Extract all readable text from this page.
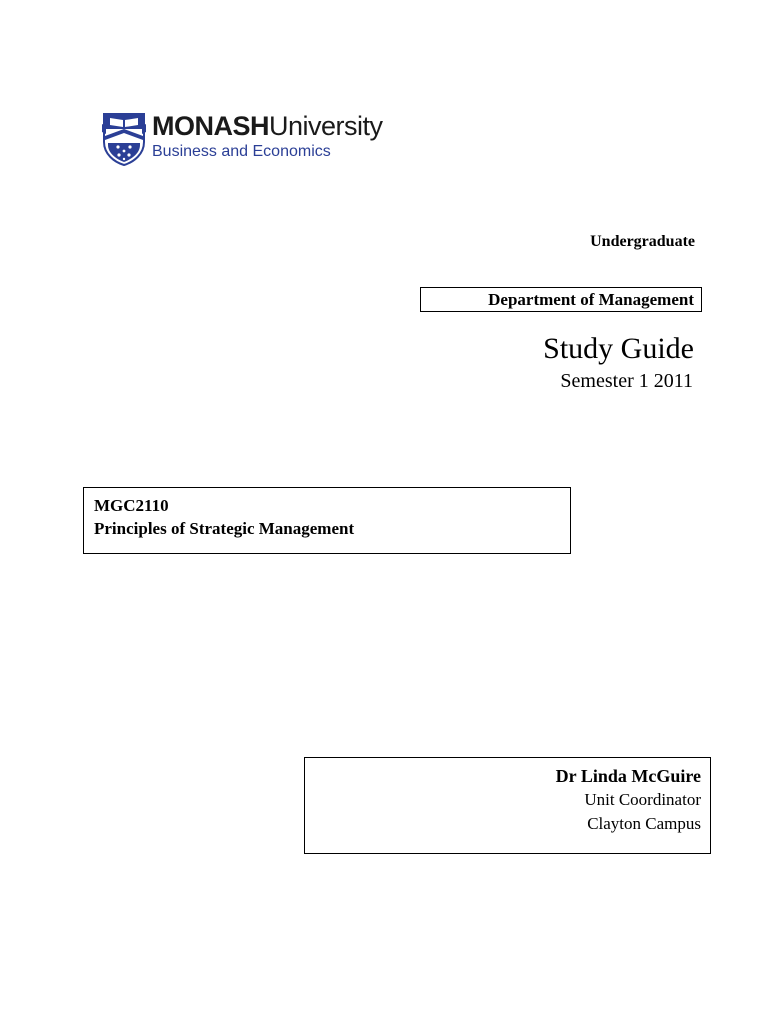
MONASHUniversity
Business and Economics
Undergraduate
Department of Management
Study Guide
Semester 1 2011
MGC2110
Principles of Strategic Management
Dr Linda McGuire
Unit Coordinator
Clayton Campus
